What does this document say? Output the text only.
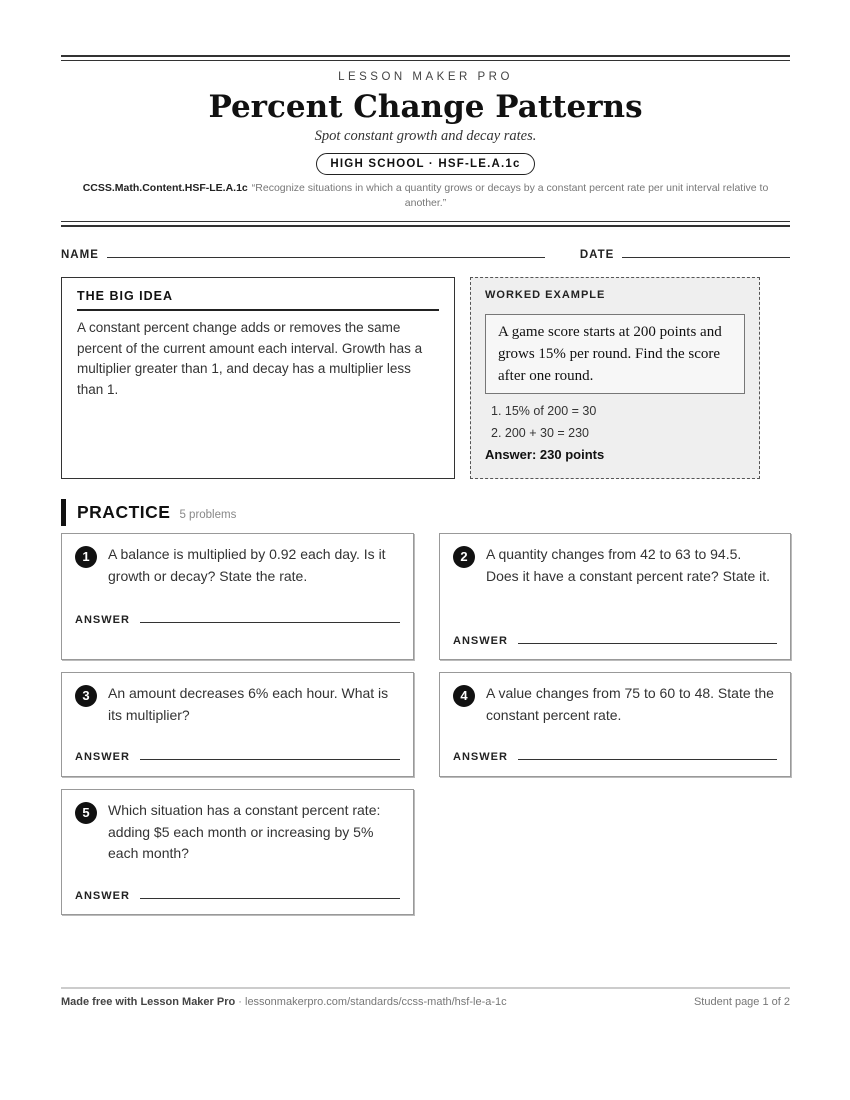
LESSON MAKER PRO
Percent Change Patterns
Spot constant growth and decay rates.
HIGH SCHOOL · HSF-LE.A.1c
CCSS.Math.Content.HSF-LE.A.1c “Recognize situations in which a quantity grows or decays by a constant percent rate per unit interval relative to another.”
NAME	DATE
THE BIG IDEA
A constant percent change adds or removes the same percent of the current amount each interval. Growth has a multiplier greater than 1, and decay has a multiplier less than 1.
WORKED EXAMPLE
A game score starts at 200 points and grows 15% per round. Find the score after one round.
1. 15% of 200 = 30
2. 200 + 30 = 230
Answer: 230 points
PRACTICE 5 problems
1	A balance is multiplied by 0.92 each day. Is it growth or decay? State the rate.
ANSWER
2	A quantity changes from 42 to 63 to 94.5. Does it have a constant percent rate? State it.
ANSWER
3	An amount decreases 6% each hour. What is its multiplier?
ANSWER
4	A value changes from 75 to 60 to 48. State the constant percent rate.
ANSWER
5	Which situation has a constant percent rate: adding $5 each month or increasing by 5% each month?
ANSWER
Made free with Lesson Maker Pro · lessonmakerpro.com/standards/ccss-math/hsf-le-a-1c	Student page 1 of 2
